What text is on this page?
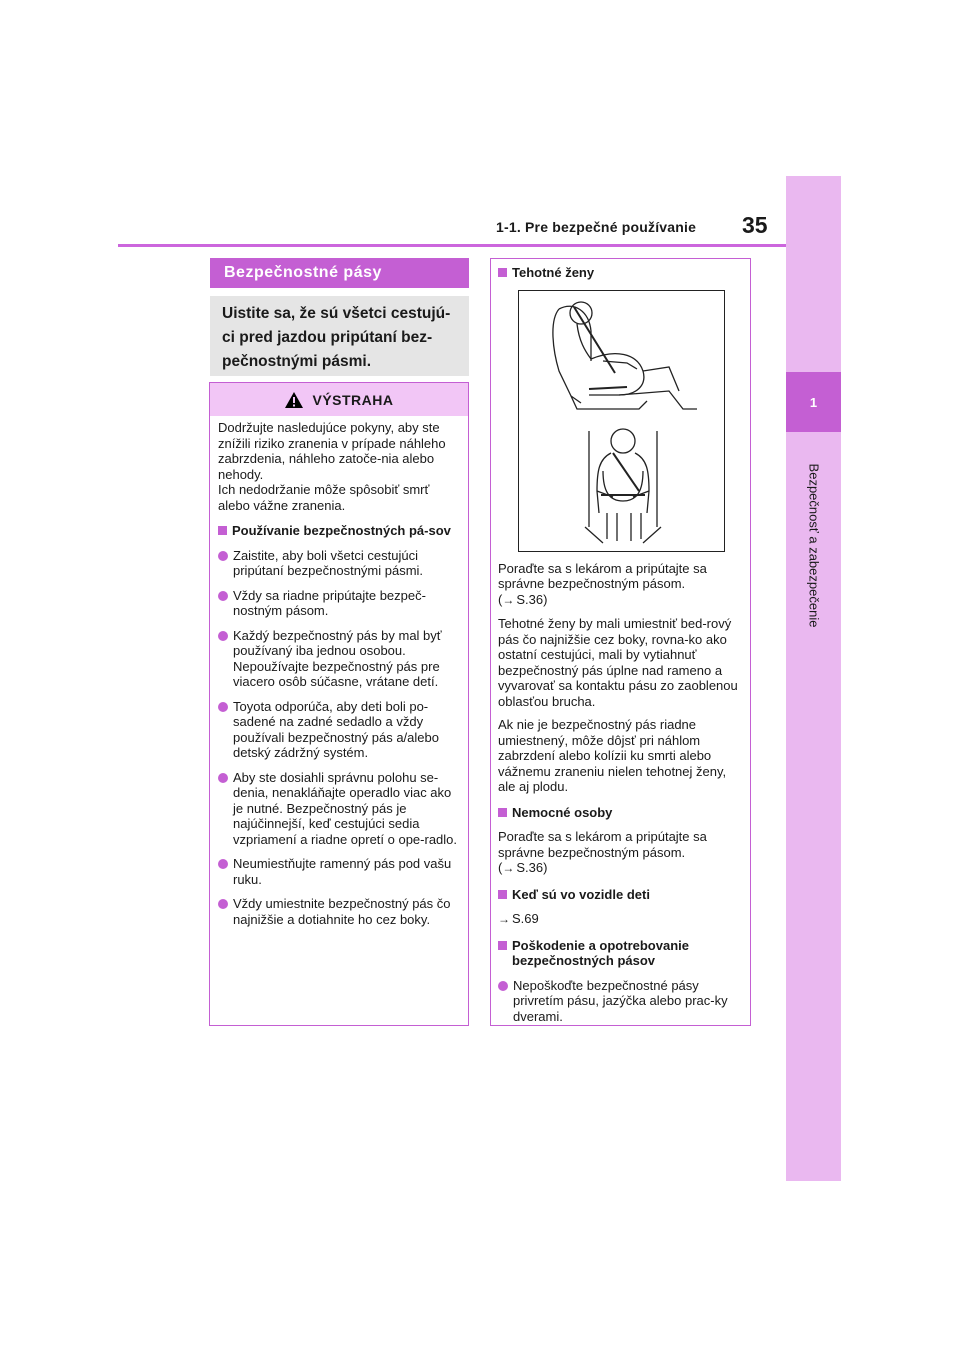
1-1. Pre bezpečné používanie 35
1
Bezpečnosť a zabezpečenie
Bezpečnostné pásy
Uistite sa, že sú všetci cestujú-ci pred jazdou pripútaní bez-pečnostnými pásmi.
VÝSTRAHA
Dodržujte nasledujúce pokyny, aby ste znížili riziko zranenia v prípade náhleho zabrzdenia, náhleho zatoče-nia alebo nehody.
Ich nedodržanie môže spôsobiť smrť alebo vážne zranenia.
Používanie bezpečnostných pá-sov
Zaistite, aby boli všetci cestujúci pripútaní bezpečnostnými pásmi.
Vždy sa riadne pripútajte bezpeč-nostným pásom.
Každý bezpečnostný pás by mal byť používaný iba jednou osobou. Nepoužívajte bezpečnostný pás pre viacero osôb súčasne, vrátane detí.
Toyota odporúča, aby deti boli po-sadené na zadné sedadlo a vždy používali bezpečnostný pás a/alebo detský zádržný systém.
Aby ste dosiahli správnu polohu se-denia, nenakláňajte operadlo viac ako je nutné. Bezpečnostný pás je najúčinnejší, keď cestujúci sedia vzpriamení a riadne opretí o ope-radlo.
Neumiestňujte ramenný pás pod vašu ruku.
Vždy umiestnite bezpečnostný pás čo najnižšie a dotiahnite ho cez boky.
Tehotné ženy
Poraďte sa s lekárom a pripútajte sa správne bezpečnostným pásom.
(→ S.36)
Tehotné ženy by mali umiestniť bed-rový pás čo najnižšie cez boky, rovna-ko ako ostatní cestujúci, mali by vytiahnuť bezpečnostný pás úplne nad rameno a vyvarovať sa kontaktu pásu zo zaoblenou oblasťou brucha.
Ak nie je bezpečnostný pás riadne umiestnený, môže dôjsť pri náhlom zabrzdení alebo kolízii ku smrti alebo vážnemu zraneniu nielen tehotnej ženy, ale aj plodu.
Nemocné osoby
Poraďte sa s lekárom a pripútajte sa správne bezpečnostným pásom.
(→ S.36)
Keď sú vo vozidle deti
→ S.69
Poškodenie a opotrebovanie bezpečnostných pásov
Nepoškoďte bezpečnostné pásy privretím pásu, jazýčka alebo prac-ky dverami.
